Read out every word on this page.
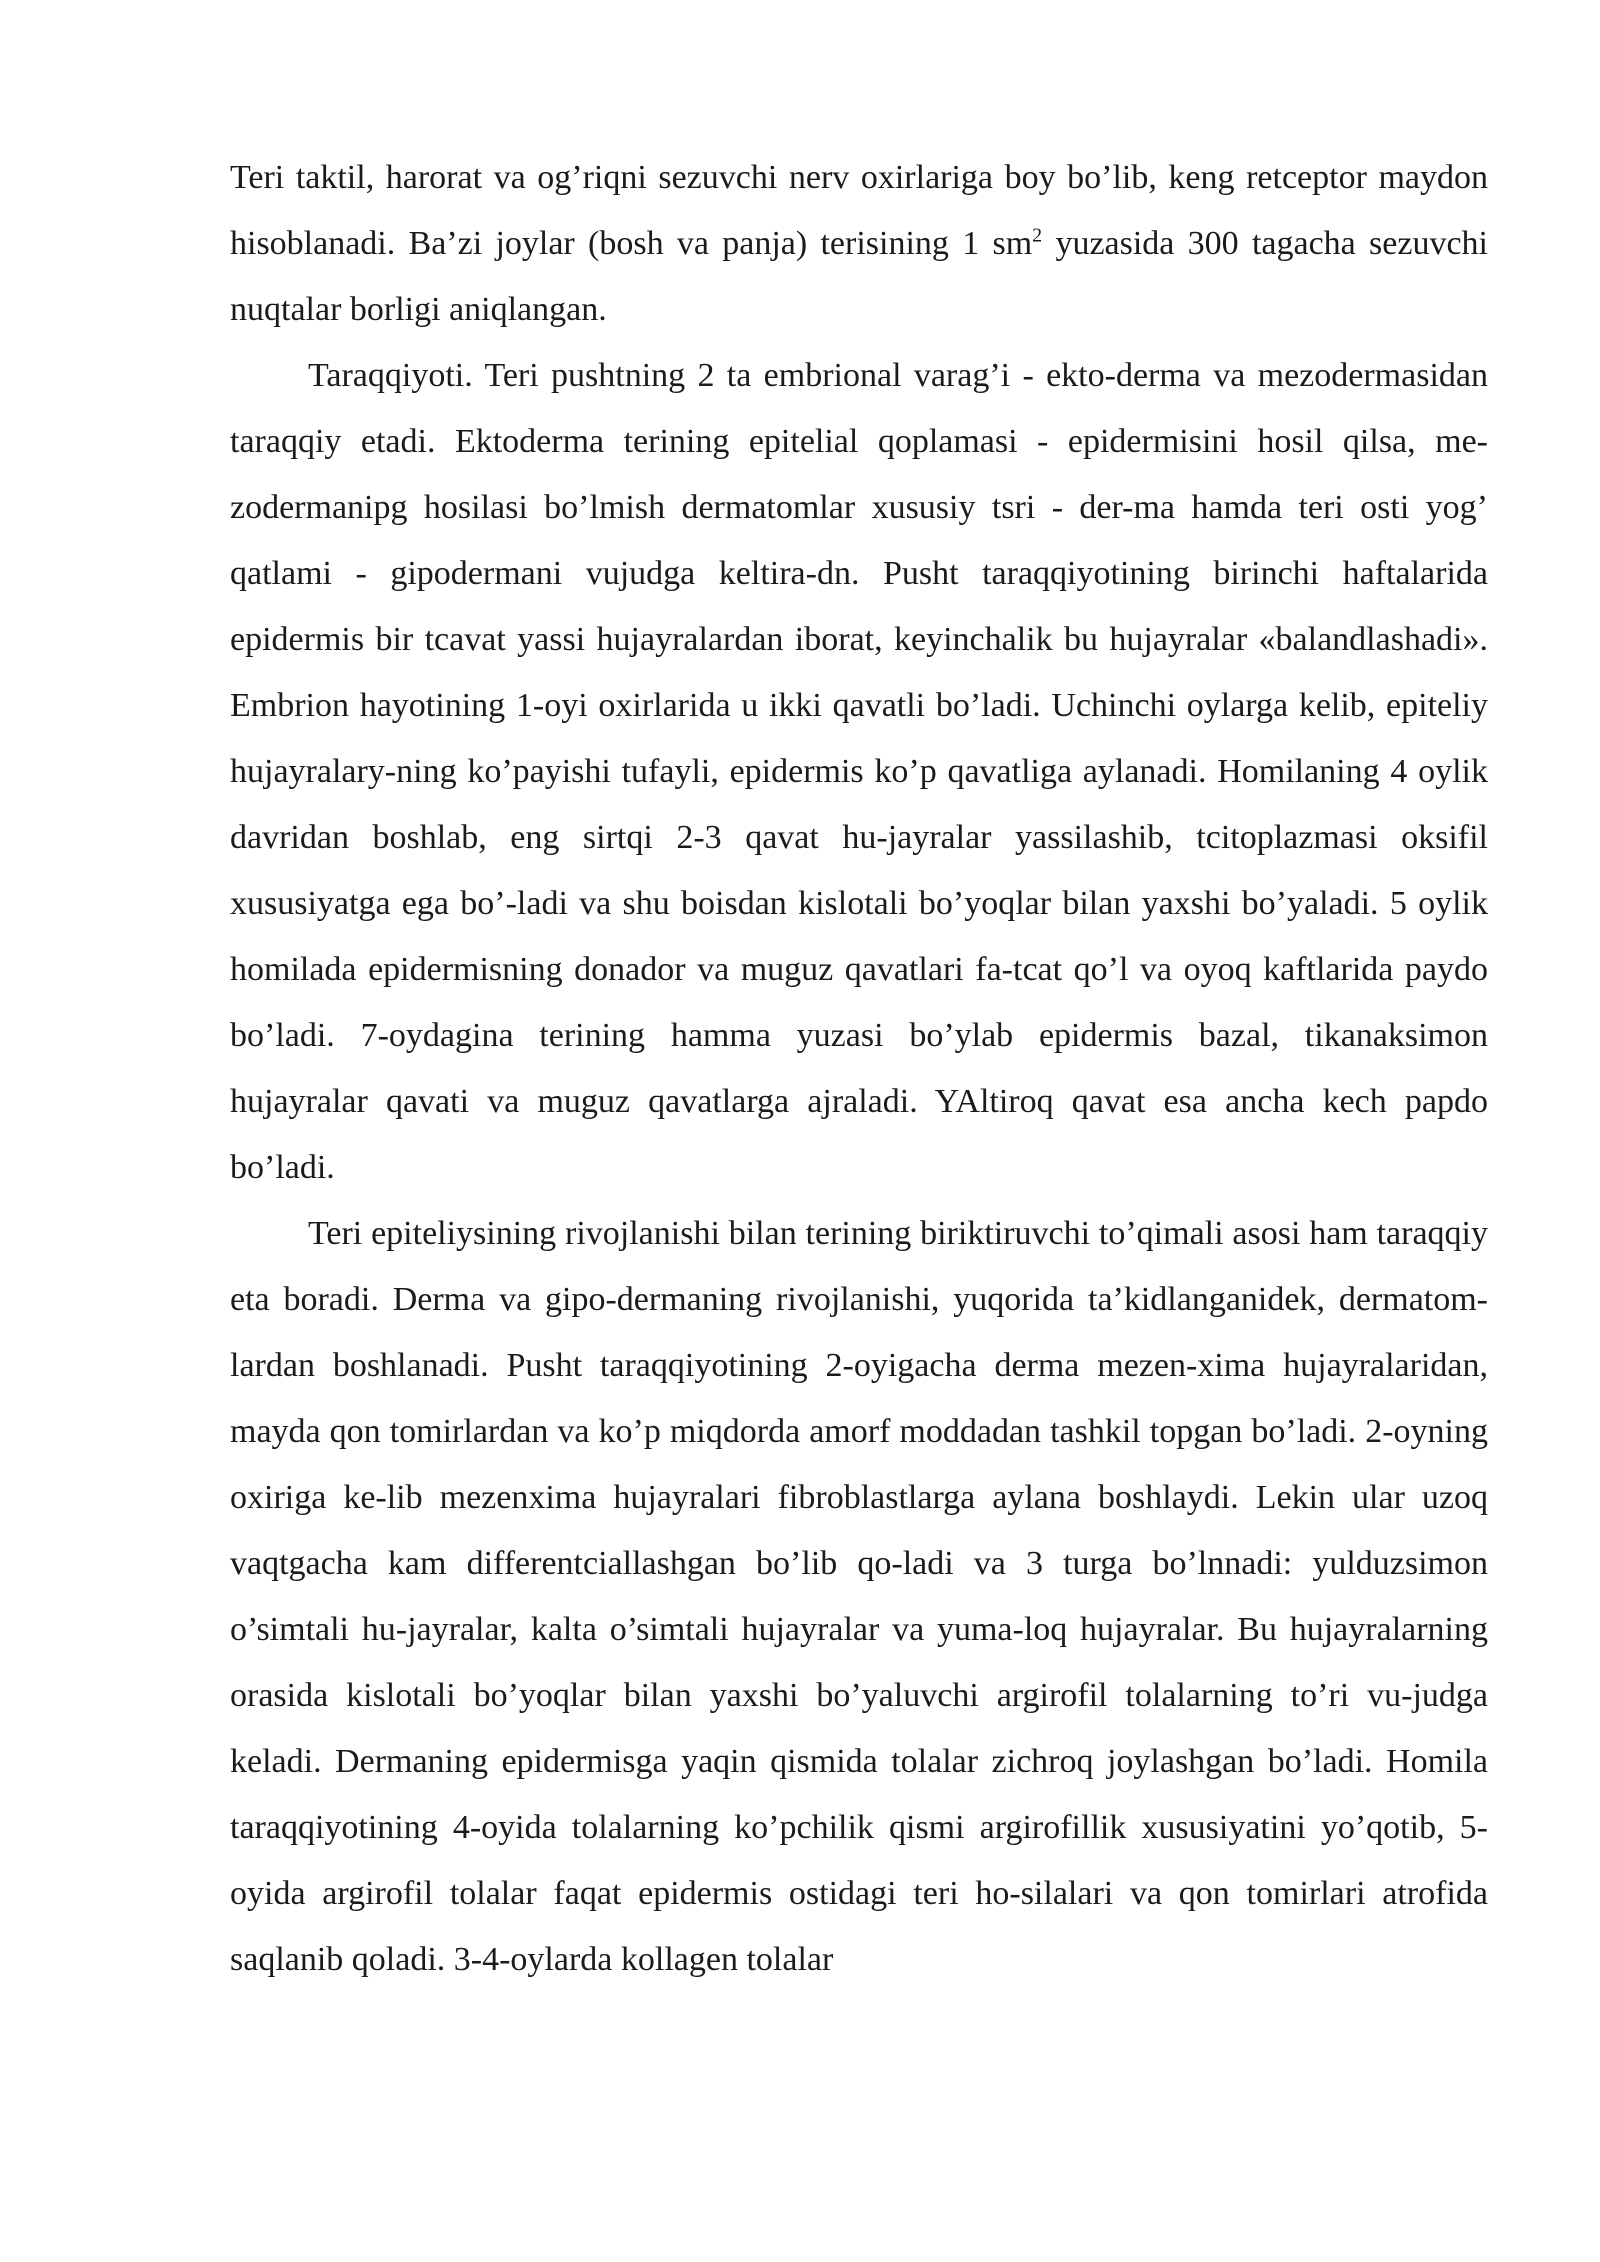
Teri taktil, harorat va og’riqni sezuvchi nerv oxirlariga boy bo’lib, keng retceptor maydon hisoblanadi. Ba’zi joylar (bosh va panja) terisining 1 $sm^2$ yuzasida 300 tagacha sezuvchi nuqtalar borligi aniqlangan.

Taraqqiyoti. Teri pushtning 2 ta embrional varag’i - ekto-derma va mezodermasidan taraqqiy etadi. Ektoderma terining epitelial qoplamasi - epidermisini hosil qilsa, me-zodermanipg hosilasi bo’lmish dermatomlar xususiy tsri - der-ma hamda teri osti yog’ qatlami - gipodermani vujudga keltira-dn. Pusht taraqqiyotining birinchi haftalarida epidermis bir tcavat yassi hujayralardan iborat, keyinchalik bu hujayralar «balandlashadi». Embrion hayotining 1-oyi oxirlarida u ikki qavatli bo’ladi. Uchinchi oylarga kelib, epiteliy hujayralary-ning ko’payishi tufayli, epidermis ko’p qavatliga aylanadi. Homilaning 4 oylik davridan boshlab, eng sirtqi 2-3 qavat hu-jayralar yassilashib, tcitoplazmasi oksifil xususiyatga ega bo’-ladi va shu boisdan kislotali bo’yoqlar bilan yaxshi bo’yaladi. 5 oylik homilada epidermisning donador va muguz qavatlari fa-tcat qo’l va oyoq kaftlarida paydo bo’ladi. 7-oydagina terining hamma yuzasi bo’ylab epidermis bazal, tikanaksimon hujayralar qavati va muguz qavatlarga ajraladi. YAltiroq qavat esa ancha kech papdo bo’ladi.

Teri epiteliysining rivojlanishi bilan terining biriktiruvchi to’qimali asosi ham taraqqiy eta boradi. Derma va gipo-dermaning rivojlanishi, yuqorida ta’kidlanganidek, dermatom-lardan boshlanadi. Pusht taraqqiyotining 2-oyigacha derma mezen-xima hujayralaridan, mayda qon tomirlardan va ko’p miqdorda amorf moddadan tashkil topgan bo’ladi. 2-oyning oxiriga ke-lib mezenxima hujayralari fibroblastlarga aylana boshlaydi. Lekin ular uzoq vaqtgacha kam differentciallashgan bo’lib qo-ladi va 3 turga bo’lnnadi: yulduzsimon o’simtali hu-jayralar, kalta o’simtali hujayralar va yuma-loq hujayralar. Bu hujayralarning orasida kislotali bo’yoqlar bilan yaxshi bo’yaluvchi argirofil tolalarning to’ri vu-judga keladi. Dermaning epidermisga yaqin qismida tolalar zichroq joylashgan bo’ladi. Homila taraqqiyotining 4-oyida tolalarning ko’pchilik qismi argirofillik xususiyatini yo’qotib, 5-oyida argirofil tolalar faqat epidermis ostidagi teri ho-silalari va qon tomirlari atrofida saqlanib qoladi. 3-4-oylarda kollagen tolalar
